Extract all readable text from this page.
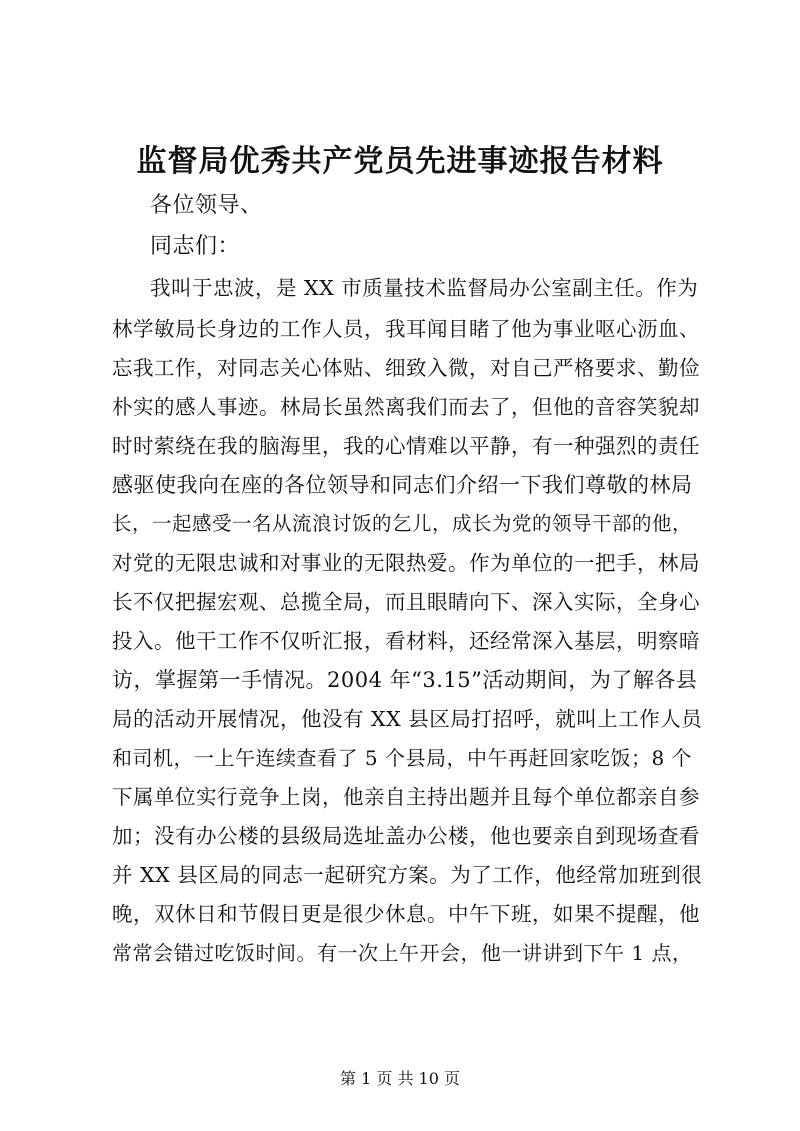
监督局优秀共产党员先进事迹报告材料
各位领导、
同志们：
我叫于忠波，是 XX 市质量技术监督局办公室副主任。作为
林学敏局长身边的工作人员，我耳闻目睹了他为事业呕心沥血、
忘我工作，对同志关心体贴、细致入微，对自己严格要求、勤俭
朴实的感人事迹。林局长虽然离我们而去了，但他的音容笑貌却
时时萦绕在我的脑海里，我的心情难以平静，有一种强烈的责任
感驱使我向在座的各位领导和同志们介绍一下我们尊敬的林局
长，一起感受一名从流浪讨饭的乞儿，成长为党的领导干部的他，
对党的无限忠诚和对事业的无限热爱。作为单位的一把手，林局
长不仅把握宏观、总揽全局，而且眼睛向下、深入实际，全身心
投入。他干工作不仅听汇报，看材料，还经常深入基层，明察暗
访，掌握第一手情况。2004 年“3.15”活动期间，为了解各县
局的活动开展情况，他没有 XX 县区局打招呼，就叫上工作人员
和司机，一上午连续查看了 5 个县局，中午再赶回家吃饭；8 个
下属单位实行竞争上岗，他亲自主持出题并且每个单位都亲自参
加；没有办公楼的县级局选址盖办公楼，他也要亲自到现场查看
并 XX 县区局的同志一起研究方案。为了工作，他经常加班到很
晚，双休日和节假日更是很少休息。中午下班，如果不提醒，他
常常会错过吃饭时间。有一次上午开会，他一讲讲到下午 1 点，
第 1 页 共 10 页
